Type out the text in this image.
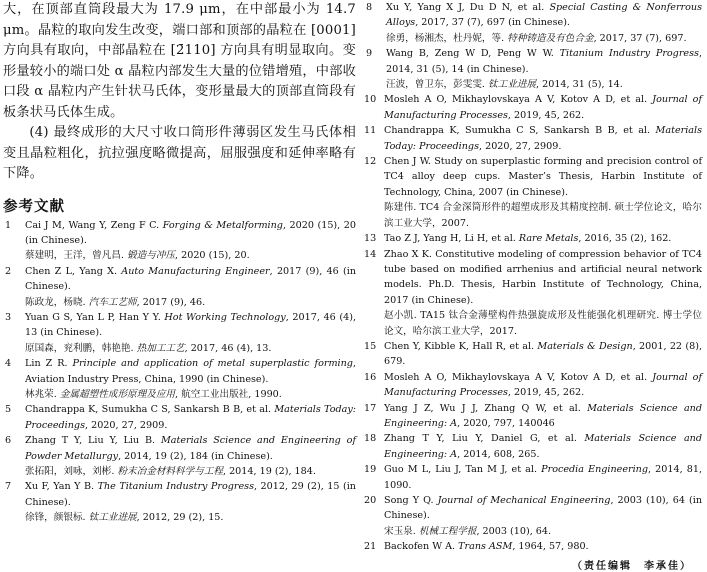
大，在顶部直筒段最大为 17.9 μm，在中部最小为 14.7 μm。晶粒的取向发生改变，端口部和顶部的晶粒在 [0001] 方向具有取向，中部晶粒在 [2̄110] 方向具有明显取向。变形量较小的端口处 α 晶粒内部发生大量的位错增殖，中部收口段 α 晶粒内产生针状马氏体，变形量最大的顶部直筒段有板条状马氏体生成。

(4) 最终成形的大尺寸收口筒形件薄弱区发生马氏体相变且晶粒粗化，抗拉强度略微提高，屈服强度和延伸率略有下降。

参考文献
1	Cai J M, Wang Y, Zeng F C. Forging & Metalforming, 2020 (15), 20 (in Chinese).
蔡建明，王洋，曾凡昌. 锻造与冲压, 2020 (15), 20.
2	Chen Z L, Yang X. Auto Manufacturing Engineer, 2017 (9), 46 (in Chinese).
陈政龙，杨晓. 汽车工艺师, 2017 (9), 46.
3	Yuan G S, Yan L P, Han Y Y. Hot Working Technology, 2017, 46 (4), 13 (in Chinese).
原国森，兖利鹏，韩艳艳. 热加工工艺, 2017, 46 (4), 13.
4	Lin Z R. Principle and application of metal superplastic forming, Aviation Industry Press, China, 1990 (in Chinese).
林兆荣. 金属超塑性成形原理及应用, 航空工业出版社, 1990.
5	Chandrappa K, Sumukha C S, Sankarsh B B, et al. Materials Today: Proceedings, 2020, 27, 2909.
6	Zhang T Y, Liu Y, Liu B. Materials Science and Engineering of Powder Metallurgy, 2014, 19 (2), 184 (in Chinese).
张拓阳，刘咏，刘彬. 粉末冶金材料科学与工程, 2014, 19 (2), 184.
7	Xu F, Yan Y B. The Titanium Industry Progress, 2012, 29 (2), 15 (in Chinese).
徐锋，颜银标. 钛工业进展, 2012, 29 (2), 15.
8	Xu Y, Yang X J, Du D N, et al. Special Casting & Nonferrous Alloys, 2017, 37 (7), 697 (in Chinese).
徐勇，杨湘杰，杜丹妮，等. 特种铸造及有色合金, 2017, 37 (7), 697.
9	Wang B, Zeng W D, Peng W W. Titanium Industry Progress, 2014, 31 (5), 14 (in Chinese).
汪波，曾卫东，彭雯雯. 钛工业进展, 2014, 31 (5), 14.
10 Mosleh A O, Mikhaylovskaya A V, Kotov A D, et al. Journal of Manufacturing Processes, 2019, 45, 262.
11 Chandrappa K, Sumukha C S, Sankarsh B B, et al. Materials Today: Proceedings, 2020, 27, 2909.
12 Chen J W. Study on superplastic forming and precision control of TC4 alloy deep cups. Master’s Thesis, Harbin Institute of Technology, China, 2007 (in Chinese).
陈建伟. TC4 合金深筒形件的超塑成形及其精度控制. 硕士学位论文，哈尔滨工业大学，2007.
13 Tao Z J, Yang H, Li H, et al. Rare Metals, 2016, 35 (2), 162.
14 Zhao X K. Constitutive modeling of compression behavior of TC4 tube based on modified arrhenius and artificial neural network models. Ph.D. Thesis, Harbin Institute of Technology, China, 2017 (in Chinese).
赵小凯. TA15 钛合金薄壁构件热强旋成形及性能强化机理研究. 博士学位论文，哈尔滨工业大学，2017.
15 Chen Y, Kibble K, Hall R, et al. Materials & Design, 2001, 22 (8), 679.
16 Mosleh A O, Mikhaylovskaya A V, Kotov A D, et al. Journal of Manufacturing Processes, 2019, 45, 262.
17 Yang J Z, Wu J J, Zhang Q W, et al. Materials Science and Engineering: A, 2020, 797, 140046
18 Zhang T Y, Liu Y, Daniel G, et al. Materials Science and Engineering: A, 2014, 608, 265.
19 Guo M L, Liu J, Tan M J, et al. Procedia Engineering, 2014, 81, 1090.
20 Song Y Q. Journal of Mechanical Engineering, 2003 (10), 64 (in Chinese).
宋玉泉. 机械工程学报, 2003 (10), 64.
21 Backofen W A. Trans ASM, 1964, 57, 980.
（责任编辑　李承佳）
